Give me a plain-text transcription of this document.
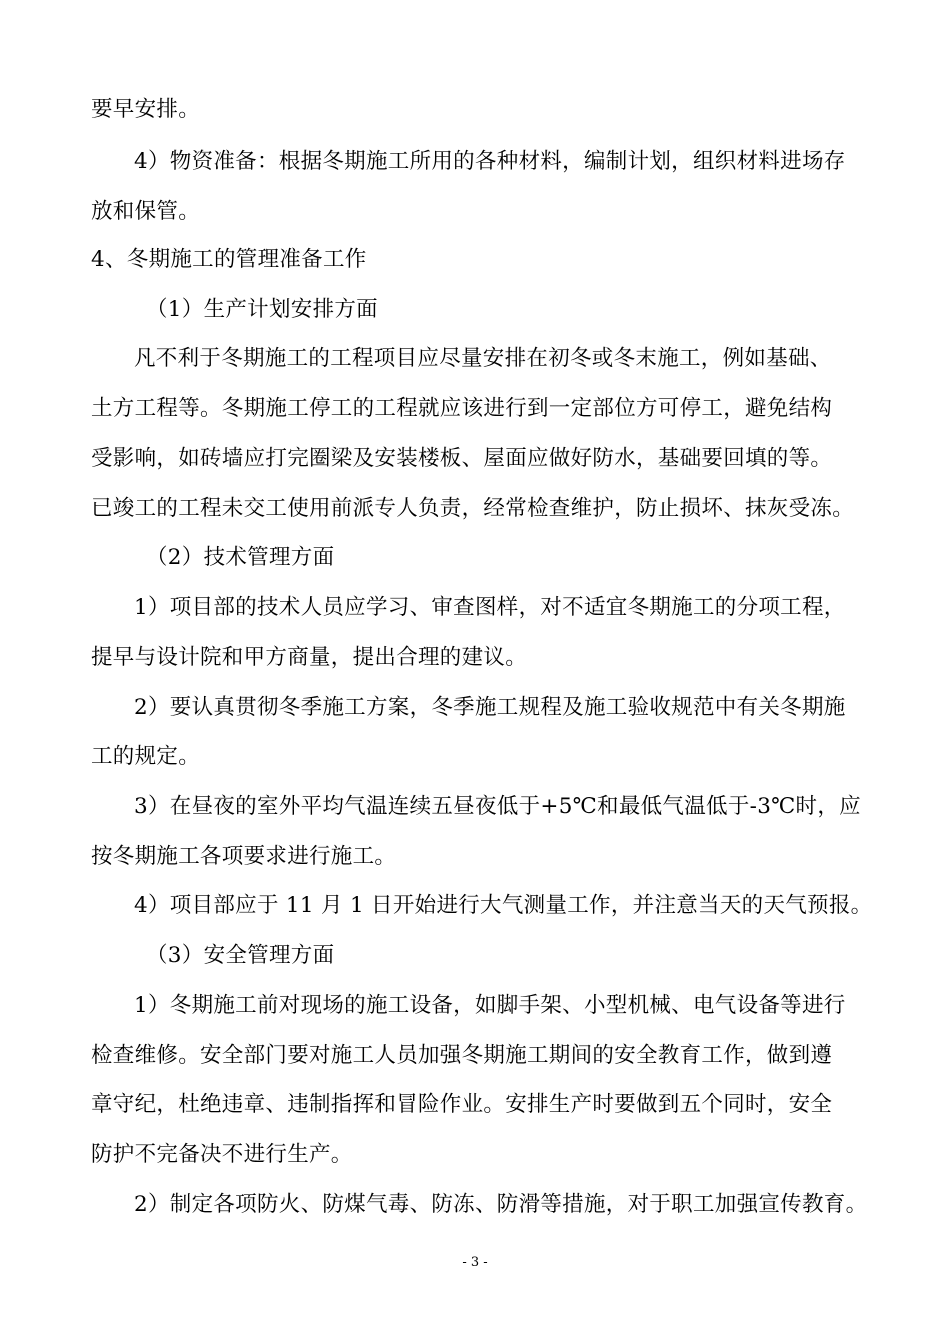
要早安排。
4）物资准备：根据冬期施工所用的各种材料，编制计划，组织材料进场存
放和保管。
4、冬期施工的管理准备工作
（1）生产计划安排方面
凡不利于冬期施工的工程项目应尽量安排在初冬或冬末施工，例如基础、
土方工程等。冬期施工停工的工程就应该进行到一定部位方可停工，避免结构
受影响，如砖墙应打完圈梁及安装楼板、屋面应做好防水，基础要回填的等。
已竣工的工程未交工使用前派专人负责，经常检查维护，防止损坏、抹灰受冻。
（2）技术管理方面
1）项目部的技术人员应学习、审查图样，对不适宜冬期施工的分项工程，
提早与设计院和甲方商量，提出合理的建议。
2）要认真贯彻冬季施工方案，冬季施工规程及施工验收规范中有关冬期施
工的规定。
3）在昼夜的室外平均气温连续五昼夜低于+5℃和最低气温低于-3℃时，应
按冬期施工各项要求进行施工。
4）项目部应于 11 月 1 日开始进行大气测量工作，并注意当天的天气预报。
（3）安全管理方面
1）冬期施工前对现场的施工设备，如脚手架、小型机械、电气设备等进行
检查维修。安全部门要对施工人员加强冬期施工期间的安全教育工作，做到遵
章守纪，杜绝违章、违制指挥和冒险作业。安排生产时要做到五个同时，安全
防护不完备决不进行生产。
2）制定各项防火、防煤气毒、防冻、防滑等措施，对于职工加强宣传教育。
- 3 -
